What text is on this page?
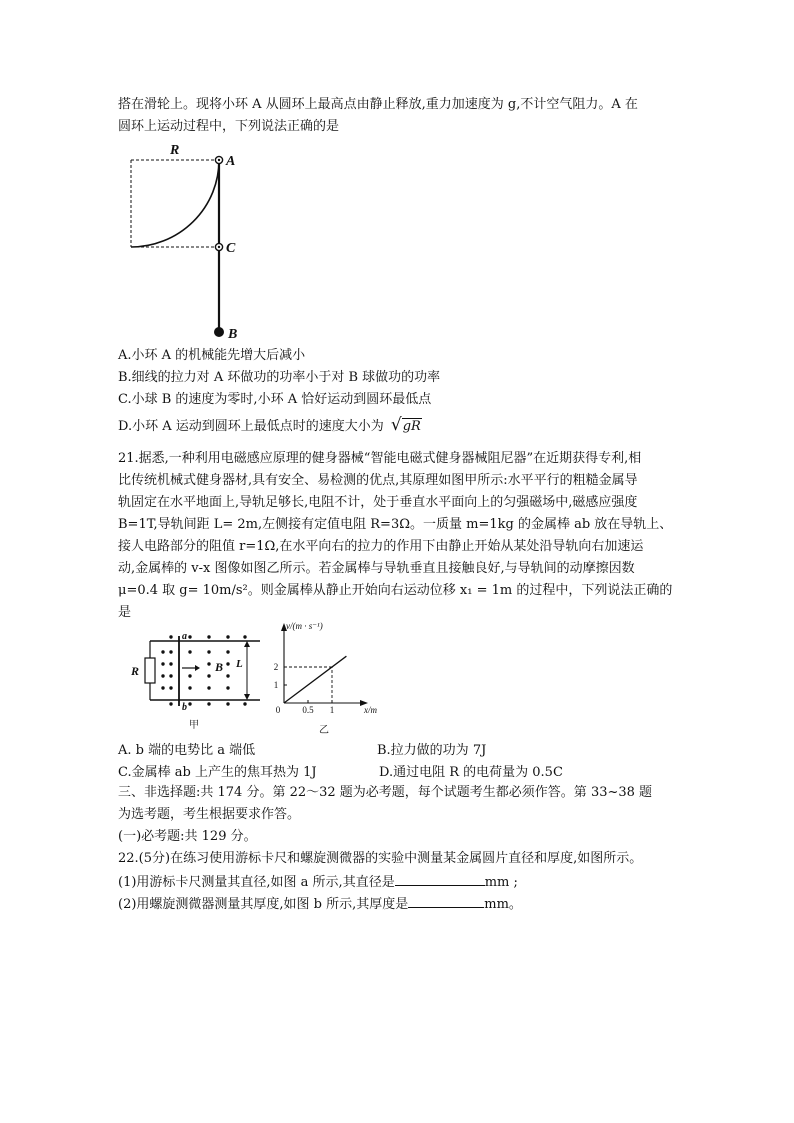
搭在滑轮上。现将小环 A 从圆环上最高点由静止释放,重力加速度为 g,不计空气阻力。A 在
圆环上运动过程中，下列说法正确的是
R
A
C
B
A.小环 A 的机械能先增大后减小
B.细线的拉力对 A 环做功的功率小于对 B 球做功的功率
C.小球 B 的速度为零时,小环 A 恰好运动到圆环最低点
D.小环 A 运动到圆环上最低点时的速度大小为 √gR
21.据悉,一种利用电磁感应原理的健身器械“智能电磁式健身器械阻尼器”在近期获得专利,相
比传统机械式健身器材,具有安全、易检测的优点,其原理如图甲所示:水平平行的粗糙金属导
轨固定在水平地面上,导轨足够长,电阻不计，处于垂直水平面向上的匀强磁场中,磁感应强度
B=1T,导轨间距 L= 2m,左侧接有定值电阻 R=3Ω。一质量 m=1kg 的金属棒 ab 放在导轨上、
接人电路部分的阻值 r=1Ω,在水平向右的拉力的作用下由静止开始从某处沿导轨向右加速运
动,金属棒的 v-x 图像如图乙所示。若金属棒与导轨垂直且接触良好,与导轨间的动摩擦因数
μ=0.4 取 g= 10m/s²。则金属棒从静止开始向右运动位移 x₁ = 1m 的过程中，下列说法正确的
是
R
a
b
B L
甲
0.5 1
1
2
0
v/(m · s⁻¹)
x/m
乙
A. b 端的电势比 a 端低	B.拉力做的功为 7J
C.金属棒 ab 上产生的焦耳热为 1J	D.通过电阻 R 的电荷量为 0.5C
三、非选择题:共 174 分。第 22～32 题为必考题，每个试题考生都必须作答。第 33~38 题
为选考题，考生根据要求作答。
(一)必考题:共 129 分。
22.(5分)在练习使用游标卡尺和螺旋测微器的实验中测量某金属圆片直径和厚度,如图所示。
(1)用游标卡尺测量其直径,如图 a 所示,其直径是	mm ;
(2)用螺旋测微器测量其厚度,如图 b 所示,其厚度是	mm。
